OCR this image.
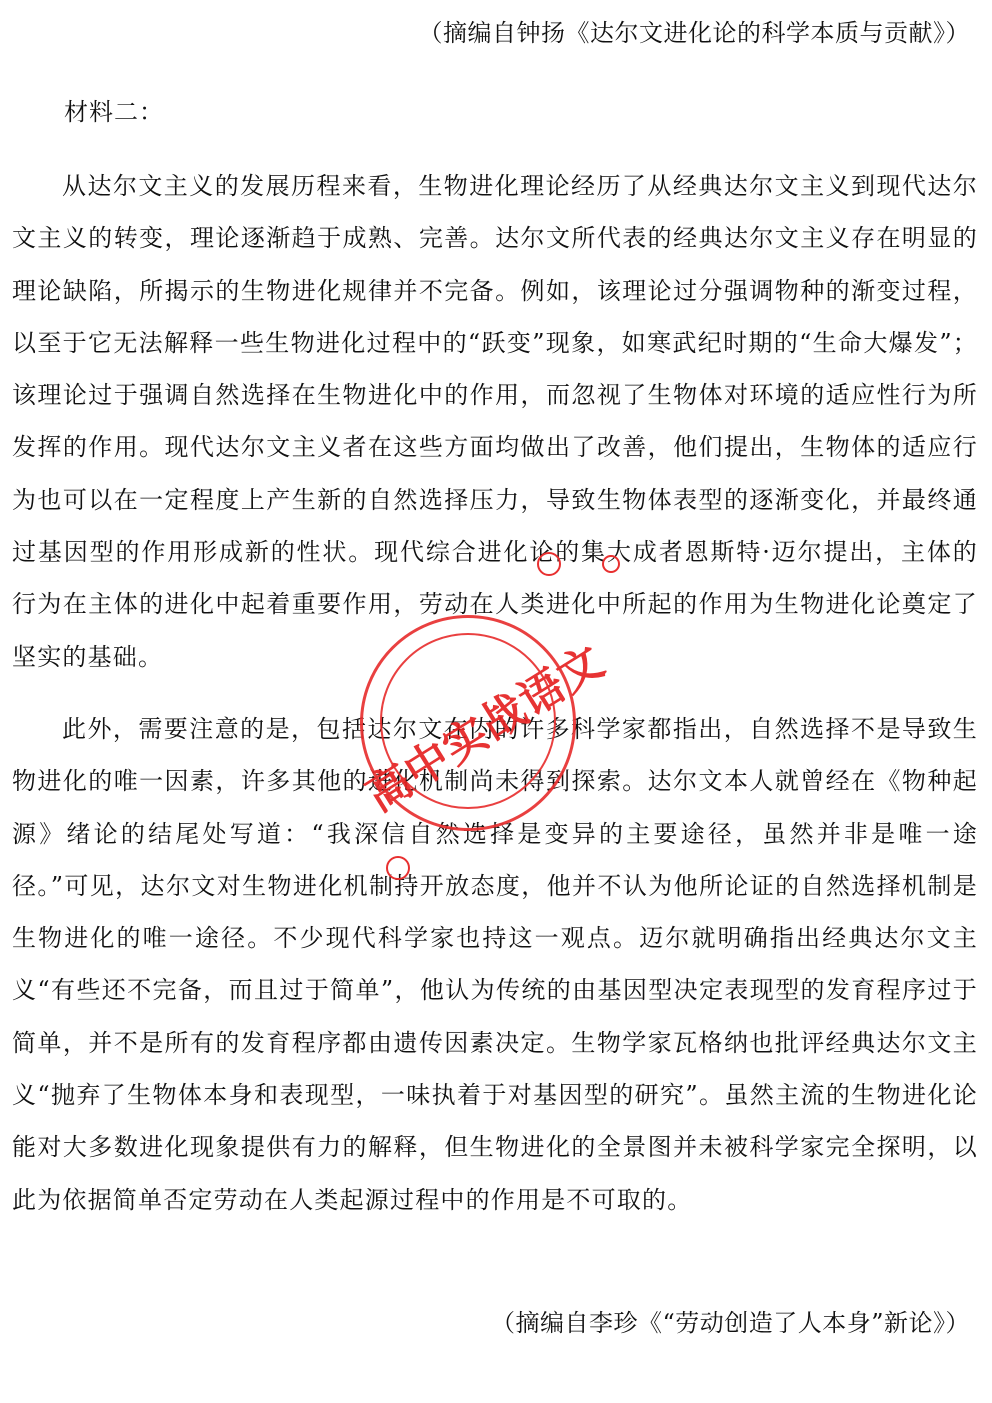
（摘编自钟扬《达尔文进化论的科学本质与贡献》）
材料二：

从达尔文主义的发展历程来看，生物进化理论经历了从经典达尔文主义到现代达尔文主义的转变，理论逐渐趋于成熟、完善。达尔文所代表的经典达尔文主义存在明显的理论缺陷，所揭示的生物进化规律并不完备。例如，该理论过分强调物种的渐变过程，以至于它无法解释一些生物进化过程中的“跃变”现象，如寒武纪时期的“生命大爆发”；该理论过于强调自然选择在生物进化中的作用，而忽视了生物体对环境的适应性行为所发挥的作用。现代达尔文主义者在这些方面均做出了改善，他们提出，生物体的适应行为也可以在一定程度上产生新的自然选择压力，导致生物体表型的逐渐变化，并最终通过基因型的作用形成新的性状。现代综合进化论的集大成者恩斯特·迈尔提出，主体的行为在主体的进化中起着重要作用，劳动在人类进化中所起的作用为生物进化论奠定了坚实的基础。

此外，需要注意的是，包括达尔文在内的许多科学家都指出，自然选择不是导致生物进化的唯一因素，许多其他的进化机制尚未得到探索。达尔文本人就曾经在《物种起源》绪论的结尾处写道：“我深信自然选择是变异的主要途径，虽然并非是唯一途径。”可见，达尔文对生物进化机制持开放态度，他并不认为他所论证的自然选择机制是生物进化的唯一途径。不少现代科学家也持这一观点。迈尔就明确指出经典达尔文主义“有些还不完备，而且过于简单”，他认为传统的由基因型决定表现型的发育程序过于简单，并不是所有的发育程序都由遗传因素决定。生物学家瓦格纳也批评经典达尔文主义“抛弃了生物体本身和表现型，一味执着于对基因型的研究”。虽然主流的生物进化论能对大多数进化现象提供有力的解释，但生物进化的全景图并未被科学家完全探明，以此为依据简单否定劳动在人类起源过程中的作用是不可取的。

（摘编自李珍《“劳动创造了人本身”新论》）
高中实战语文
